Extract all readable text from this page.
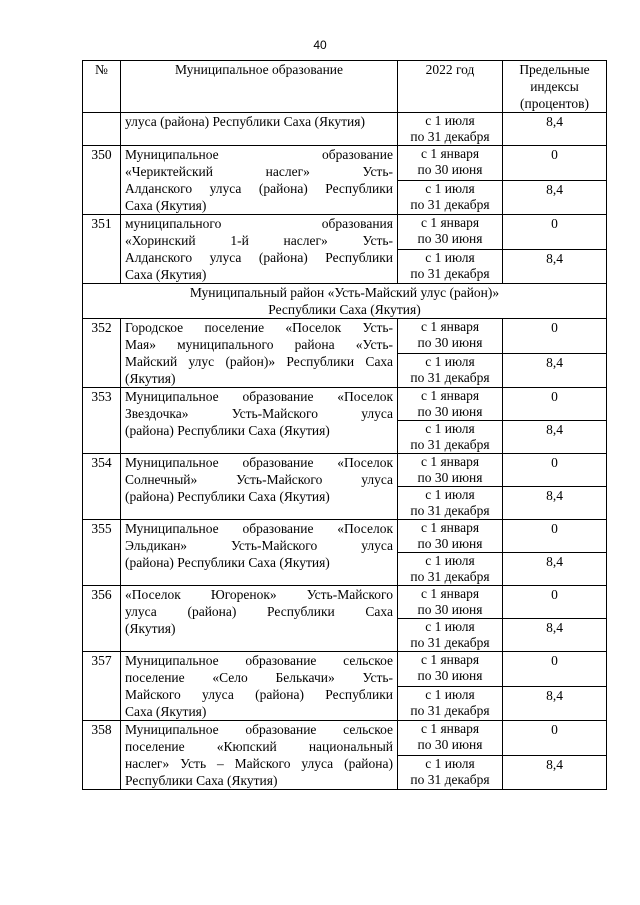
40
№	Муниципальное образование	2022 год	Предельные индексы (процентов)

	улуса (района) Республики Саха (Якутия)	с 1 июля
по 31 декабря	8,4
350	Муниципальное образование
«Чериктейский наслег» Усть-
Алданского улуса (района) Республики
Саха (Якутия)	с 1 января
по 30 июня	0

		с 1 июля
по 31 декабря	8,4
351	муниципального образования
«Хоринский 1-й наслег» Усть-
Алданского улуса (района) Республики
Саха (Якутия)	с 1 января
по 30 июня	0

		с 1 июля
по 31 декабря	8,4

Муниципальный район «Усть-Майский улус (район)»
Республики Саха (Якутия)			

352	Городское поселение «Поселок Усть-
Мая» муниципального района «Усть-
Майский улус (район)» Республики Саха
(Якутия)	с 1 января
по 30 июня	0

		с 1 июля
по 31 декабря	8,4
353	Муниципальное образование «Поселок
Звездочка» Усть-Майского улуса
(района) Республики Саха (Якутия)	с 1 января
по 30 июня	0

		с 1 июля
по 31 декабря	8,4
354	Муниципальное образование «Поселок
Солнечный» Усть-Майского улуса
(района) Республики Саха (Якутия)	с 1 января
по 30 июня	0

		с 1 июля
по 31 декабря	8,4
355	Муниципальное образование «Поселок
Эльдикан» Усть-Майского улуса
(района) Республики Саха (Якутия)	с 1 января
по 30 июня	0

		с 1 июля
по 31 декабря	8,4
356	«Поселок Югоренок» Усть-Майского
улуса (района) Республики Саха
(Якутия)	с 1 января
по 30 июня	0

		с 1 июля
по 31 декабря	8,4
357	Муниципальное образование сельское
поселение «Село Белькачи» Усть-
Майского улуса (района) Республики
Саха (Якутия)	с 1 января
по 30 июня	0

		с 1 июля
по 31 декабря	8,4
358	Муниципальное образование сельское
поселение «Кюпский национальный
наслег» Усть – Майского улуса (района)
Республики Саха (Якутия)	с 1 января
по 30 июня	0

		с 1 июля
по 31 декабря	8,4
